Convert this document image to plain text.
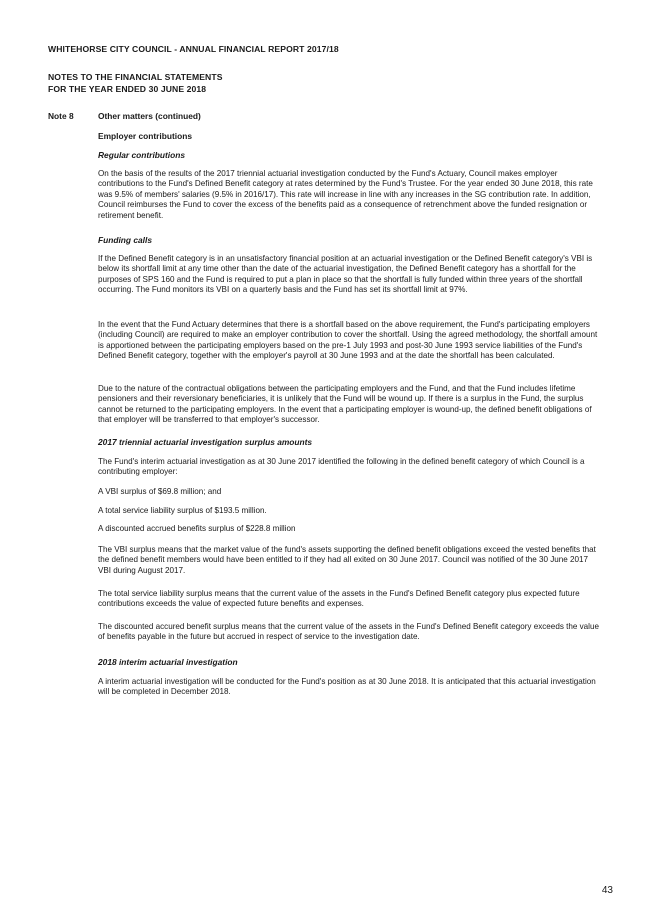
WHITEHORSE CITY COUNCIL - ANNUAL FINANCIAL REPORT 2017/18
NOTES TO THE FINANCIAL STATEMENTS
FOR THE YEAR ENDED 30 JUNE 2018
Note 8	Other matters (continued)
Employer contributions
Regular contributions

On the basis of the results of the 2017 triennial actuarial investigation conducted by the Fund's Actuary, Council makes employer contributions to the Fund's Defined Benefit category at rates determined by the Fund's Trustee. For the year ended 30 June 2018, this rate was 9.5% of members' salaries (9.5% in 2016/17). This rate will increase in line with any increases in the SG contribution rate. In addition, Council reimburses the Fund to cover the excess of the benefits paid as a consequence of retrenchment above the funded resignation or retirement benefit.

Funding calls

If the Defined Benefit category is in an unsatisfactory financial position at an actuarial investigation or the Defined Benefit category's VBI is below its shortfall limit at any time other than the date of the actuarial investigation, the Defined Benefit category has a shortfall for the purposes of SPS 160 and the Fund is required to put a plan in place so that the shortfall is fully funded within three years of the shortfall occurring. The Fund monitors its VBI on a quarterly basis and the Fund has set its shortfall limit at 97%.

In the event that the Fund Actuary determines that there is a shortfall based on the above requirement, the Fund's participating employers (including Council) are required to make an employer contribution to cover the shortfall. Using the agreed methodology, the shortfall amount is apportioned between the participating employers based on the pre-1 July 1993 and post-30 June 1993 service liabilities of the Fund's Defined Benefit category, together with the employer's payroll at 30 June 1993 and at the date the shortfall has been calculated.

Due to the nature of the contractual obligations between the participating employers and the Fund, and that the Fund includes lifetime pensioners and their reversionary beneficiaries, it is unlikely that the Fund will be wound up. If there is a surplus in the Fund, the surplus cannot be returned to the participating employers. In the event that a participating employer is wound-up, the defined benefit obligations of that employer will be transferred to that employer's successor.

2017 triennial actuarial investigation surplus amounts

The Fund's interim actuarial investigation as at 30 June 2017 identified the following in the defined benefit category of which Council is a contributing employer:

A VBI surplus of $69.8 million; and

A total service liability surplus of $193.5 million.

A discounted accrued benefits surplus of $228.8 million

The VBI surplus means that the market value of the fund's assets supporting the defined benefit obligations exceed the vested benefits that the defined benefit members would have been entitled to if they had all exited on 30 June 2017. Council was notified of the 30 June 2017 VBI during August 2017.

The total service liability surplus means that the current value of the assets in the Fund's Defined Benefit category plus expected future contributions exceeds the value of expected future benefits and expenses.

The discounted accured benefit surplus means that the current value of the assets in the Fund's Defined Benefit category exceeds the value of benefits payable in the future but accrued in respect of service to the investigation date.

2018 interim actuarial investigation

A interim actuarial investigation will be conducted for the Fund's position as at 30 June 2018. It is anticipated that this actuarial investigation will be completed in December 2018.

43
